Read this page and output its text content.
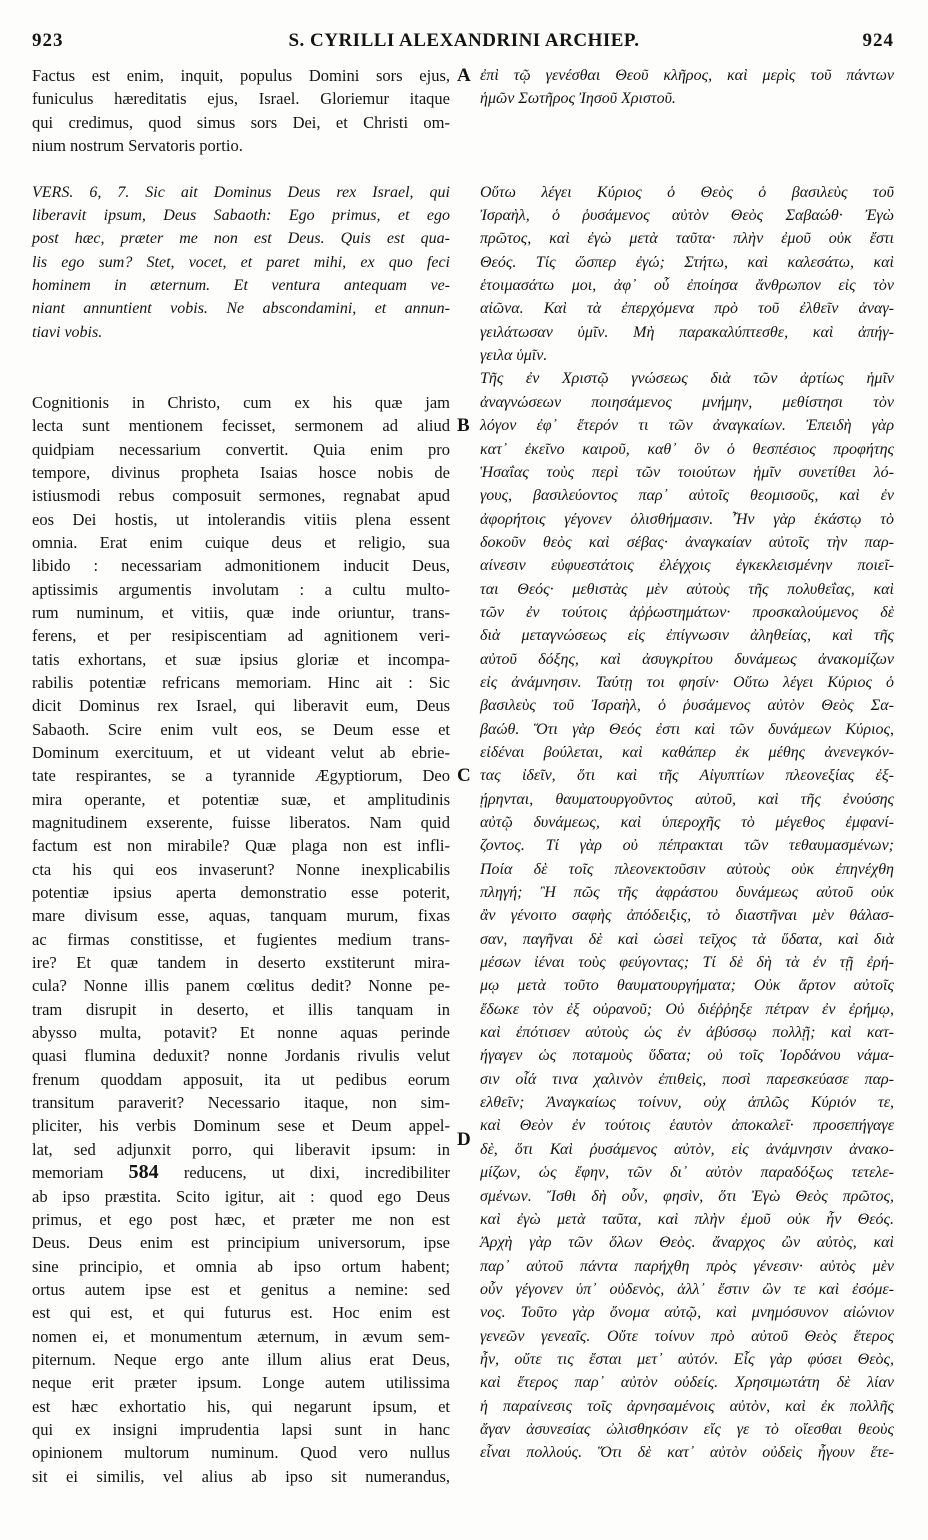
923	S. CYRILLI ALEXANDRINI ARCHIEP.	924
Factus est enim, inquit, populus Domini sors ejus,
funiculus hæreditatis ejus, Israel. Gloriemur itaque
qui credimus, quod simus sors Dei, et Christi om-
nium nostrum Servatoris portio.
VERS. 6, 7. Sic ait Dominus Deus rex Israel, qui
liberavit ipsum, Deus Sabaoth: Ego primus, et ego
post hæc, præter me non est Deus. Quis est qua-
lis ego sum? Stet, vocet, et paret mihi, ex quo feci
hominem in æternum. Et ventura antequam ve-
niant annuntient vobis. Ne abscondamini, et annun-
tiavi vobis.
Cognitionis in Christo, cum ex his quæ jam
lecta sunt mentionem fecisset, sermonem ad aliud
quidpiam necessarium convertit. Quia enim pro
tempore, divinus propheta Isaias hosce nobis de
istiusmodi rebus composuit sermones, regnabat apud
eos Dei hostis, ut intolerandis vitiis plena essent
omnia. Erat enim cuique deus et religio, sua
libido : necessariam admonitionem inducit Deus,
aptissimis argumentis involutam : a cultu multo-
rum numinum, et vitiis, quæ inde oriuntur, trans-
ferens, et per resipiscentiam ad agnitionem veri-
tatis exhortans, et suæ ipsius gloriæ et incompa-
rabilis potentiæ refricans memoriam. Hinc ait : Sic
dicit Dominus rex Israel, qui liberavit eum, Deus
Sabaoth. Scire enim vult eos, se Deum esse et
Dominum exercituum, et ut videant velut ab ebrie-
tate respirantes, se a tyrannide Ægyptiorum, Deo
mira operante, et potentiæ suæ, et amplitudinis
magnitudinem exserente, fuisse liberatos. Nam quid
factum est non mirabile? Quæ plaga non est infli-
cta his qui eos invaserunt? Nonne inexplicabilis
potentiæ ipsius aperta demonstratio esse poterit,
mare divisum esse, aquas, tanquam murum, fixas
ac firmas constitisse, et fugientes medium trans-
ire? Et quæ tandem in deserto exstiterunt mira-
cula? Nonne illis panem cœlitus dedit? Nonne pe-
tram disrupit in deserto, et illis tanquam in
abysso multa, potavit? Et nonne aquas perinde
quasi flumina deduxit? nonne Jordanis rivulis velut
frenum quoddam apposuit, ita ut pedibus eorum
transitum paraverit? Necessario itaque, non sim-
pliciter, his verbis Dominum sese et Deum appel-
lat, sed adjunxit porro, qui liberavit ipsum: in
memoriam 584 reducens, ut dixi, incredibiliter
ab ipso præstita. Scito igitur, ait : quod ego Deus
primus, et ego post hæc, et præter me non est
Deus. Deus enim est principium universorum, ipse
sine principio, et omnia ab ipso ortum habent;
ortus autem ipse est et genitus a nemine: sed
est qui est, et qui futurus est. Hoc enim est
nomen ei, et monumentum æternum, in ævum sem-
piternum. Neque ergo ante illum alius erat Deus,
neque erit præter ipsum. Longe autem utilissima
est hæc exhortatio his, qui negarunt ipsum, et
qui ex insigni imprudentia lapsi sunt in hanc
opinionem multorum numinum. Quod vero nullus
sit ei similis, vel alius ab ipso sit numerandus,
A
B
C
D
ἐπὶ τῷ γενέσθαι Θεοῦ κλῆρος, καὶ μερὶς τοῦ πάντων
ἡμῶν Σωτῆρος Ἰησοῦ Χριστοῦ.
Οὕτω λέγει Κύριος ὁ Θεὸς ὁ βασιλεὺς τοῦ
Ἰσραὴλ, ὁ ῥυσάμενος αὐτὸν Θεὸς Σαβαώθ· Ἐγὼ
πρῶτος, καὶ ἐγὼ μετὰ ταῦτα· πλὴν ἐμοῦ οὐκ ἔστι
Θεός. Τίς ὥσπερ ἐγώ; Στήτω, καὶ καλεσάτω, καὶ
ἑτοιμασάτω μοι, ἀφ᾽ οὗ ἐποίησα ἄνθρωπον εἰς τὸν
αἰῶνα. Καὶ τὰ ἐπερχόμενα πρὸ τοῦ ἐλθεῖν ἀναγ-
γειλάτωσαν ὑμῖν. Μὴ παρακαλύπτεσθε, καὶ ἀπήγ-
γειλα ὑμῖν.
Τῆς ἐν Χριστῷ γνώσεως διὰ τῶν ἀρτίως ἡμῖν
ἀναγνώσεων ποιησάμενος μνήμην, μεθίστησι τὸν
λόγον ἐφ᾽ ἕτερόν τι τῶν ἀναγκαίων. Ἐπειδὴ γὰρ
κατ᾽ ἐκεῖνο καιροῦ, καθ᾽ ὃν ὁ θεσπέσιος προφήτης
Ἡσαΐας τοὺς περὶ τῶν τοιούτων ἡμῖν συνετίθει λό-
γους, βασιλεύοντος παρ᾽ αὐτοῖς θεομισοῦς, καὶ ἐν
ἀφορήτοις γέγονεν ὀλισθήμασιν. Ἦν γὰρ ἑκάστῳ τὸ
δοκοῦν θεὸς καὶ σέβας· ἀναγκαίαν αὐτοῖς τὴν παρ-
αίνεσιν εὐφυεστάτοις ἐλέγχοις ἐγκεκλεισμένην ποιεῖ-
ται Θεός· μεθιστὰς μὲν αὐτοὺς τῆς πολυθεΐας, καὶ
τῶν ἐν τούτοις ἀῤῥωστημάτων· προσκαλούμενος δὲ
διὰ μεταγνώσεως εἰς ἐπίγνωσιν ἀληθείας, καὶ τῆς
αὐτοῦ δόξης, καὶ ἀσυγκρίτου δυνάμεως ἀνακομίζων
εἰς ἀνάμνησιν. Ταύτῃ τοι φησίν· Οὕτω λέγει Κύριος ὁ
βασιλεὺς τοῦ Ἰσραὴλ, ὁ ῥυσάμενος αὐτὸν Θεὸς Σα-
βαώθ. Ὅτι γὰρ Θεός ἐστι καὶ τῶν δυνάμεων Κύριος,
εἰδέναι βούλεται, καὶ καθάπερ ἐκ μέθης ἀνενεγκόν-
τας ἰδεῖν, ὅτι καὶ τῆς Αἰγυπτίων πλεονεξίας ἐξ-
ῄρηνται, θαυματουργοῦντος αὐτοῦ, καὶ τῆς ἐνούσης
αὐτῷ δυνάμεως, καὶ ὑπεροχῆς τὸ μέγεθος ἐμφανί-
ζοντος. Τί γὰρ οὐ πέπρακται τῶν τεθαυμασμένων;
Ποία δὲ τοῖς πλεονεκτοῦσιν αὐτοὺς οὐκ ἐπηνέχθη
πληγή; Ἢ πῶς τῆς ἀφράστου δυνάμεως αὐτοῦ οὐκ
ἂν γένοιτο σαφὴς ἀπόδειξις, τὸ διαστῆναι μὲν θάλασ-
σαν, παγῆναι δὲ καὶ ὡσεὶ τεῖχος τὰ ὕδατα, καὶ διὰ
μέσων ἰέναι τοὺς φεύγοντας; Τί δὲ δὴ τὰ ἐν τῇ ἐρή-
μῳ μετὰ τοῦτο θαυματουργήματα; Οὐκ ἄρτον αὐτοῖς
ἔδωκε τὸν ἐξ οὐρανοῦ; Οὐ διέῤῥηξε πέτραν ἐν ἐρήμῳ,
καὶ ἐπότισεν αὐτοὺς ὡς ἐν ἀβύσσῳ πολλῇ; καὶ κατ-
ήγαγεν ὡς ποταμοὺς ὕδατα; οὐ τοῖς Ἰορδάνου νάμα-
σιν οἷά τινα χαλινὸν ἐπιθεὶς, ποσὶ παρεσκεύασε παρ-
ελθεῖν; Ἀναγκαίως τοίνυν, οὐχ ἁπλῶς Κύριόν τε,
καὶ Θεὸν ἐν τούτοις ἑαυτὸν ἀποκαλεῖ· προσεπήγαγε
δὲ, ὅτι Καὶ ῥυσάμενος αὐτὸν, εἰς ἀνάμνησιν ἀνακο-
μίζων, ὡς ἔφην, τῶν δι᾽ αὐτὸν παραδόξως τετελε-
σμένων. Ἴσθι δὴ οὖν, φησὶν, ὅτι Ἐγὼ Θεὸς πρῶτος,
καὶ ἐγὼ μετὰ ταῦτα, καὶ πλὴν ἐμοῦ οὐκ ἦν Θεός.
Ἀρχὴ γὰρ τῶν ὅλων Θεὸς. ἄναρχος ὢν αὐτὸς, καὶ
παρ᾽ αὐτοῦ πάντα παρήχθη πρὸς γένεσιν· αὐτὸς μὲν
οὖν γέγονεν ὑπ᾽ οὐδενὸς, ἀλλ᾽ ἔστιν ὢν τε καὶ ἐσόμε-
νος. Τοῦτο γὰρ ὄνομα αὐτῷ, καὶ μνημόσυνον αἰώνιον
γενεῶν γενεαῖς. Οὔτε τοίνυν πρὸ αὐτοῦ Θεὸς ἕτερος
ἦν, οὔτε τις ἔσται μετ᾽ αὐτόν. Εἷς γὰρ φύσει Θεὸς,
καὶ ἕτερος παρ᾽ αὐτὸν οὐδείς. Χρησιμωτάτη δὲ λίαν
ἡ παραίνεσις τοῖς ἀρνησαμένοις αὐτὸν, καὶ ἐκ πολλῆς
ἄγαν ἀσυνεσίας ὠλισθηκόσιν εἴς γε τὸ οἴεσθαι θεοὺς
εἶναι πολλούς. Ὅτι δὲ κατ᾽ αὐτὸν οὐδεὶς ἦγουν ἕτε-
